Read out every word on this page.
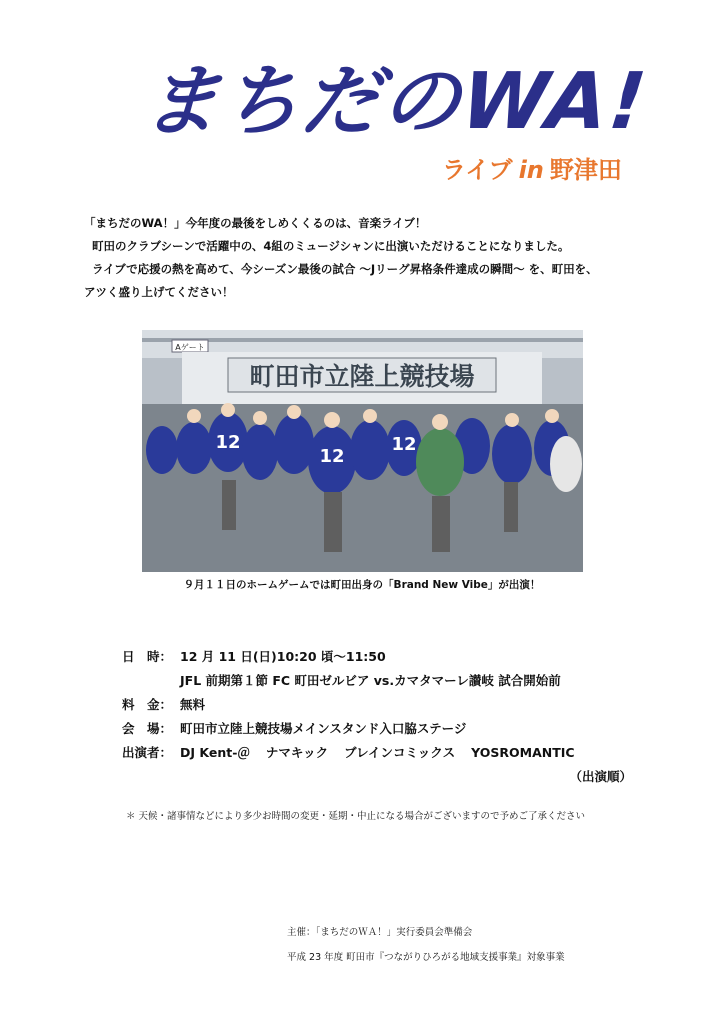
まちだのWA!
ライブ in 野津田

「まちだのWA！」今年度の最後をしめくくるのは、音楽ライブ！

町田のクラブシーンで活躍中の、4組のミュージシャンに出演いただけることになりました。

ライブで応援の熱を高めて、今シーズン最後の試合 ～Jリーグ昇格条件達成の瞬間～ を、町田を、

アツく盛り上げてください！

Aゲート
町田市立陸上競技場
12
12
12
９月１１日のホームゲームでは町田出身の「Brand New Vibe」が出演！
日　時： 12 月 11 日(日)10:20 頃～11:50
JFL 前期第１節 FC 町田ゼルビア vs.カマタマーレ讃岐 試合開始前
料　金： 無料
会　場： 町田市立陸上競技場メインスタンド入口脇ステージ
出演者： DJ Kent-＠ ナマキック ブレインコミックス YOSROMANTIC
（出演順）
＊ 天候・諸事情などにより多少お時間の変更・延期・中止になる場合がございますので予めご了承ください

主催：「まちだのＷＡ！」実行委員会準備会

平成 23 年度 町田市『つながりひろがる地域支援事業』対象事業
